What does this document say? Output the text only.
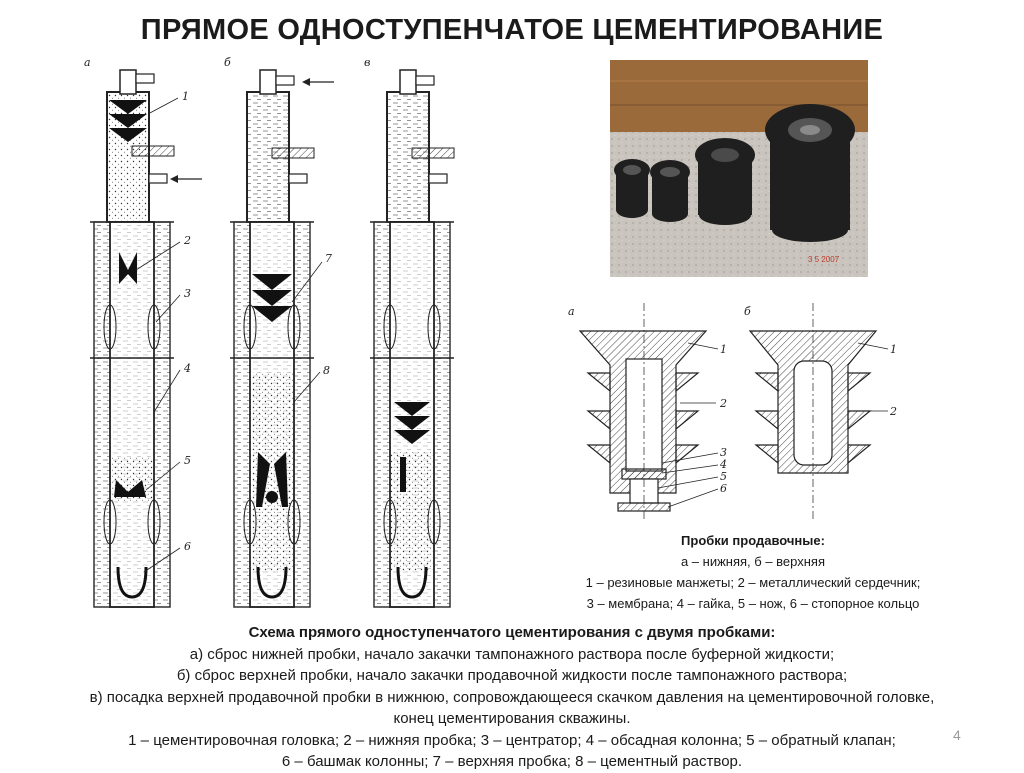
ПРЯМОЕ ОДНОСТУПЕНЧАТОЕ ЦЕМЕНТИРОВАНИЕ
а	б	в
1
2
3
4
5
6
7
8
3 5 2007
а	б
1
2
3
4
5
6
1
2
Пробки продавочные:
а – нижняя, б – верхняя
1 – резиновые манжеты; 2 – металлический сердечник;
3 – мембрана; 4 – гайка, 5 – нож, 6 – стопорное кольцо
Схема прямого одноступенчатого цементирования с двумя пробками:
а) сброс нижней пробки, начало закачки тампонажного раствора после буферной жидкости;
б) сброс верхней пробки, начало закачки продавочной жидкости после тампонажного раствора;
в) посадка верхней продавочной пробки в нижнюю, сопровождающееся скачком давления на цементировочной головке,
конец цементирования скважины.
1 – цементировочная головка; 2 – нижняя пробка; 3 – центратор; 4 – обсадная колонна; 5 – обратный клапан;
6 – башмак колонны; 7 – верхняя пробка; 8 – цементный раствор.
4
